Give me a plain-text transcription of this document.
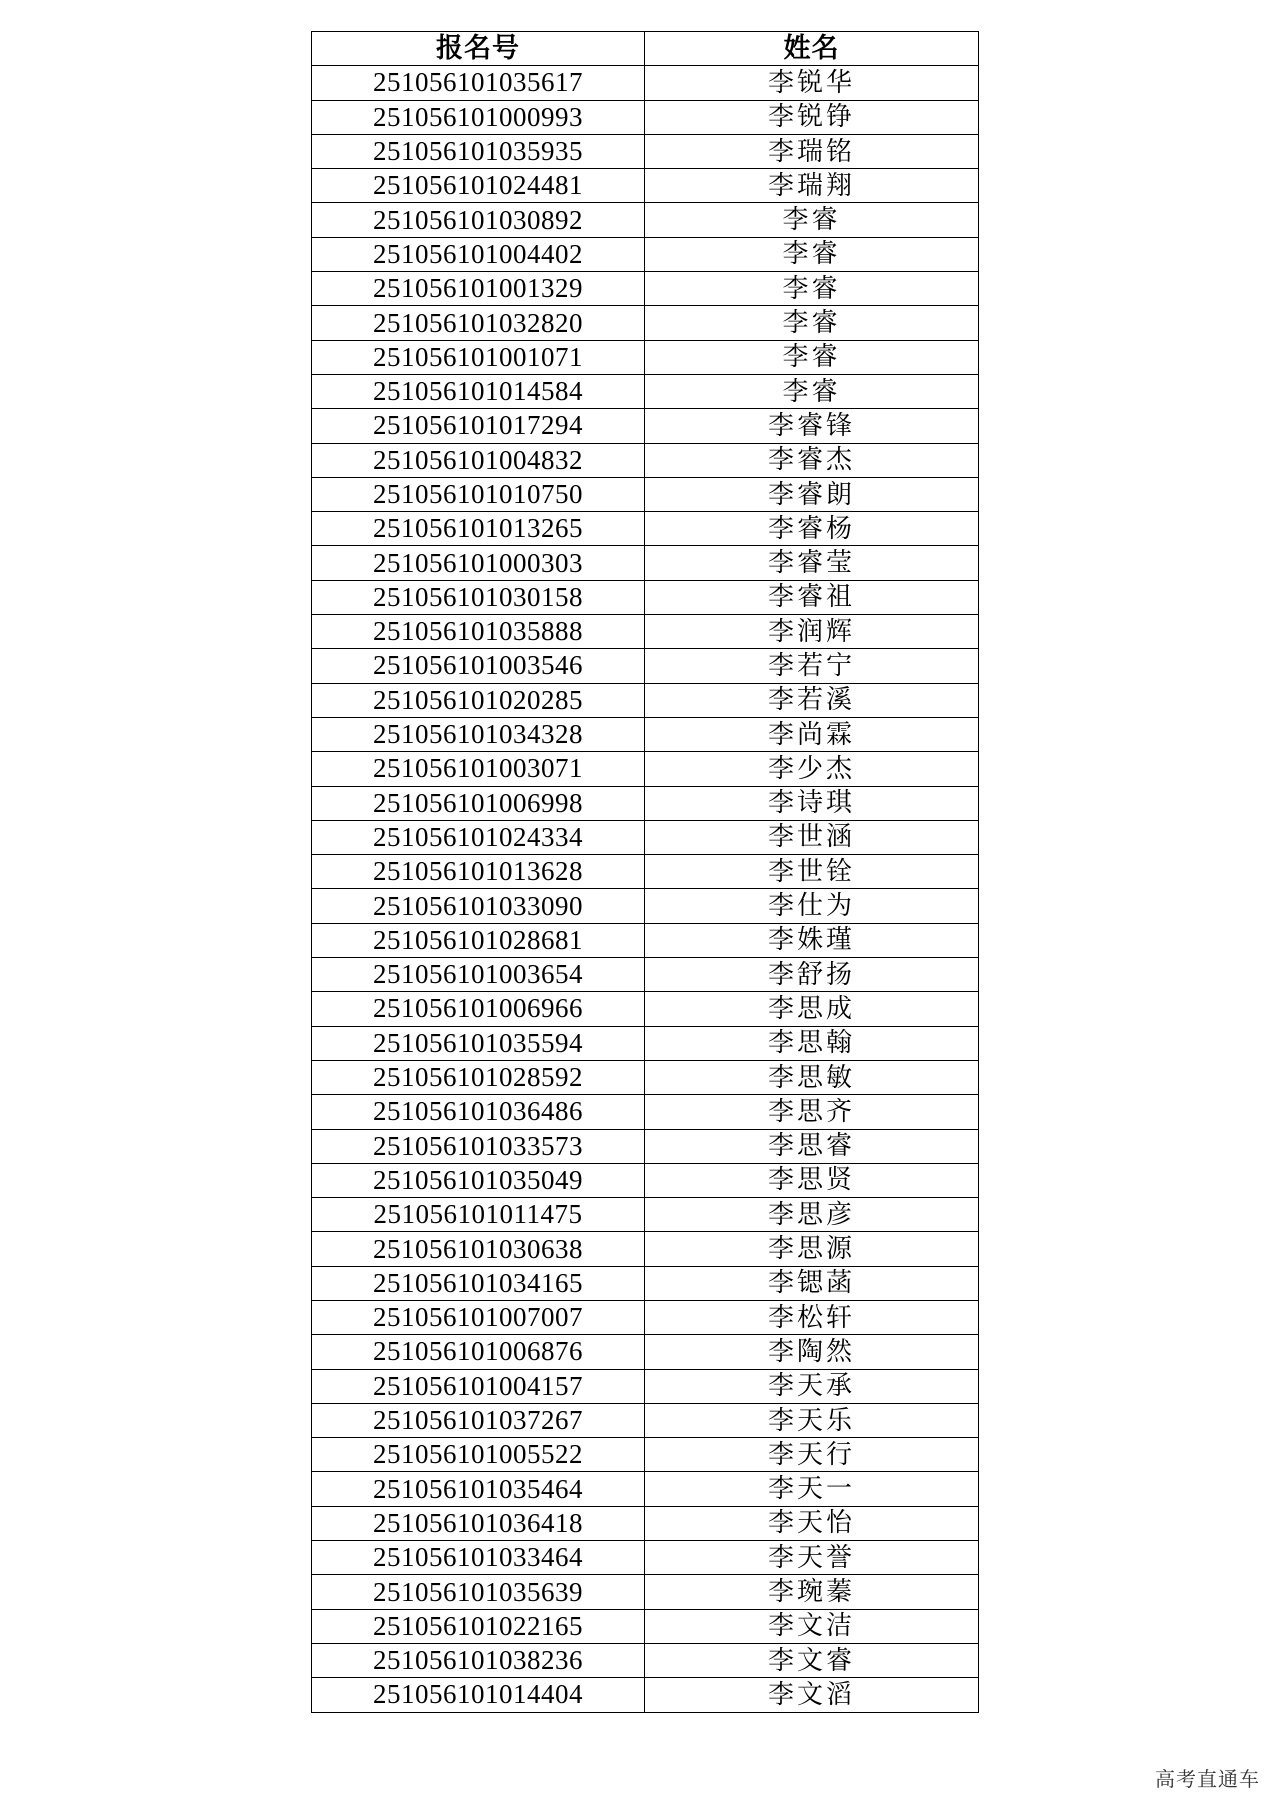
报名号	姓名
251056101035617	李锐华
251056101000993	李锐铮
251056101035935	李瑞铭
251056101024481	李瑞翔
251056101030892	李睿
251056101004402	李睿
251056101001329	李睿
251056101032820	李睿
251056101001071	李睿
251056101014584	李睿
251056101017294	李睿锋
251056101004832	李睿杰
251056101010750	李睿朗
251056101013265	李睿杨
251056101000303	李睿莹
251056101030158	李睿祖
251056101035888	李润辉
251056101003546	李若宁
251056101020285	李若溪
251056101034328	李尚霖
251056101003071	李少杰
251056101006998	李诗琪
251056101024334	李世涵
251056101013628	李世铨
251056101033090	李仕为
251056101028681	李姝瑾
251056101003654	李舒扬
251056101006966	李思成
251056101035594	李思翰
251056101028592	李思敏
251056101036486	李思齐
251056101033573	李思睿
251056101035049	李思贤
251056101011475	李思彦
251056101030638	李思源
251056101034165	李锶菡
251056101007007	李松轩
251056101006876	李陶然
251056101004157	李天承
251056101037267	李天乐
251056101005522	李天行
251056101035464	李天一
251056101036418	李天怡
251056101033464	李天誉
251056101035639	李琬蓁
251056101022165	李文洁
251056101038236	李文睿
251056101014404	李文滔
高考直通车
